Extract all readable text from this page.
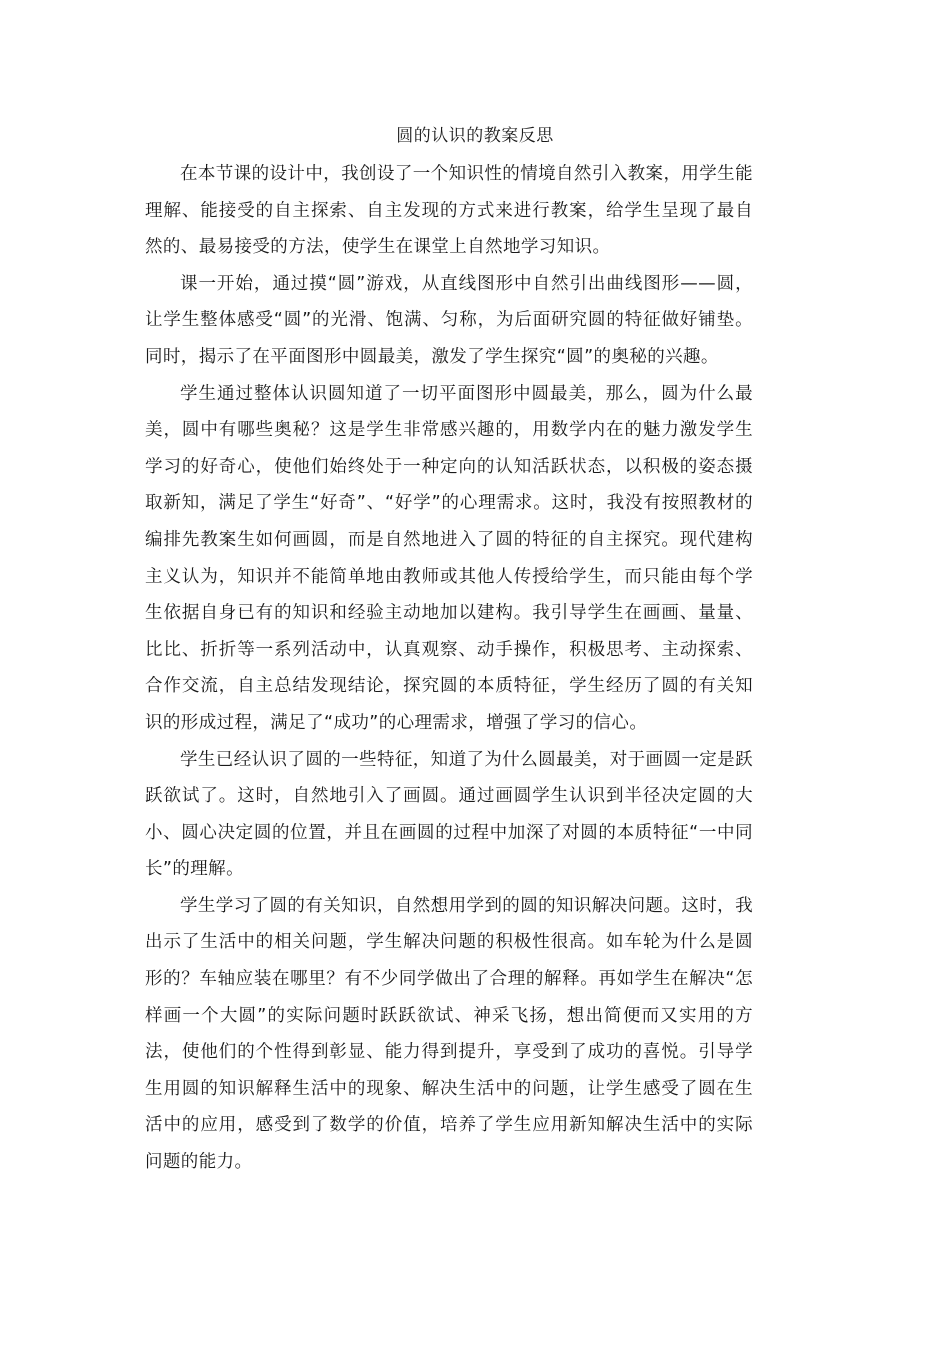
圆的认识的教案反思

在本节课的设计中，我创设了一个知识性的情境自然引入教案，用学生能理解、能接受的自主探索、自主发现的方式来进行教案，给学生呈现了最自然的、最易接受的方法，使学生在课堂上自然地学习知识。

课一开始，通过摸“圆”游戏，从直线图形中自然引出曲线图形——圆，让学生整体感受“圆”的光滑、饱满、匀称，为后面研究圆的特征做好铺垫。同时，揭示了在平面图形中圆最美，激发了学生探究“圆”的奥秘的兴趣。

学生通过整体认识圆知道了一切平面图形中圆最美，那么，圆为什么最美，圆中有哪些奥秘？这是学生非常感兴趣的，用数学内在的魅力激发学生学习的好奇心，使他们始终处于一种定向的认知活跃状态，以积极的姿态摄取新知，满足了学生“好奇”、“好学”的心理需求。这时，我没有按照教材的编排先教案生如何画圆，而是自然地进入了圆的特征的自主探究。现代建构主义认为，知识并不能简单地由教师或其他人传授给学生，而只能由每个学生依据自身已有的知识和经验主动地加以建构。我引导学生在画画、量量、比比、折折等一系列活动中，认真观察、动手操作，积极思考、主动探索、合作交流，自主总结发现结论，探究圆的本质特征，学生经历了圆的有关知识的形成过程，满足了“成功”的心理需求，增强了学习的信心。

学生已经认识了圆的一些特征，知道了为什么圆最美，对于画圆一定是跃跃欲试了。这时，自然地引入了画圆。通过画圆学生认识到半径决定圆的大小、圆心决定圆的位置，并且在画圆的过程中加深了对圆的本质特征“一中同长”的理解。

学生学习了圆的有关知识，自然想用学到的圆的知识解决问题。这时，我出示了生活中的相关问题，学生解决问题的积极性很高。如车轮为什么是圆形的？车轴应装在哪里？有不少同学做出了合理的解释。再如学生在解决“怎样画一个大圆”的实际问题时跃跃欲试、神采飞扬，想出简便而又实用的方法，使他们的个性得到彰显、能力得到提升，享受到了成功的喜悦。引导学生用圆的知识解释生活中的现象、解决生活中的问题，让学生感受了圆在生活中的应用，感受到了数学的价值，培养了学生应用新知解决生活中的实际问题的能力。
